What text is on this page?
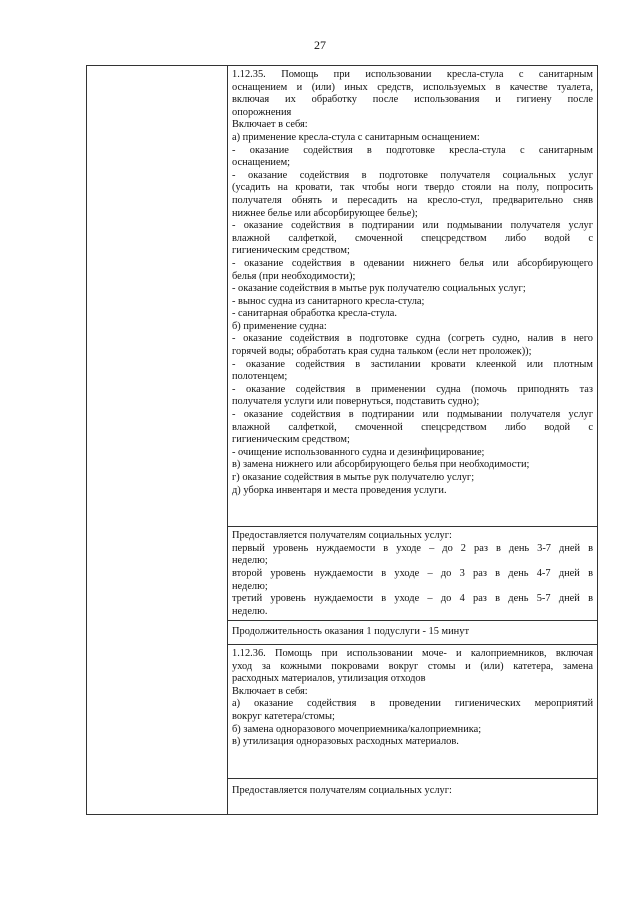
27

1.12.35. Помощь при использовании кресла-стула с санитарным
оснащением и (или) иных средств, используемых в качестве туалета,
включая их обработку после использования и гигиену после
опорожнения
Включает в себя:
а) применение кресла-стула с санитарным оснащением:
- оказание содействия в подготовке кресла-стула с санитарным
оснащением;
- оказание содействия в подготовке получателя социальных услуг
(усадить на кровати, так чтобы ноги твердо стояли на полу, попросить
получателя обнять и пересадить на кресло-стул, предварительно сняв
нижнее белье или абсорбирующее белье);
- оказание содействия в подтирании или подмывании получателя услуг
влажной салфеткой, смоченной спецсредством либо водой с
гигиеническим средством;
- оказание содействия в одевании нижнего белья или абсорбирующего
белья (при необходимости);
- оказание содействия в мытье рук получателю социальных услуг;
- вынос судна из санитарного кресла-стула;
- санитарная обработка кресла-стула.
б) применение судна:
- оказание содействия в подготовке судна (согреть судно, налив в него
горячей воды; обработать края судна тальком (если нет проложек));
- оказание содействия в застилании кровати клеенкой или плотным
полотенцем;
- оказание содействия в применении судна (помочь приподнять таз
получателя услуги или повернуться, подставить судно);
- оказание содействия в подтирании или подмывании получателя услуг
влажной салфеткой, смоченной спецсредством либо водой с
гигиеническим средством;
- очищение использованного судна и дезинфицирование;
в) замена нижнего или абсорбирующего белья при необходимости;
г) оказание содействия в мытье рук получателю услуг;
д) уборка инвентаря и места проведения услуги.
Предоставляется получателям социальных услуг:
первый уровень нуждаемости в уходе – до 2 раз в день 3-7 дней в
неделю;
второй уровень нуждаемости в уходе – до 3 раз в день 4-7 дней в
неделю;
третий уровень нуждаемости в уходе – до 4 раз в день 5-7 дней в
неделю.
Продолжительность оказания 1 подуслуги - 15 минут
1.12.36. Помощь при использовании моче- и калоприемников, включая
уход за кожными покровами вокруг стомы и (или) катетера, замена
расходных материалов, утилизация отходов
Включает в себя:
а) оказание содействия в проведении гигиенических мероприятий
вокруг катетера/стомы;
б) замена одноразового мочеприемника/калоприемника;
в) утилизация одноразовых расходных материалов.
Предоставляется получателям социальных услуг:
